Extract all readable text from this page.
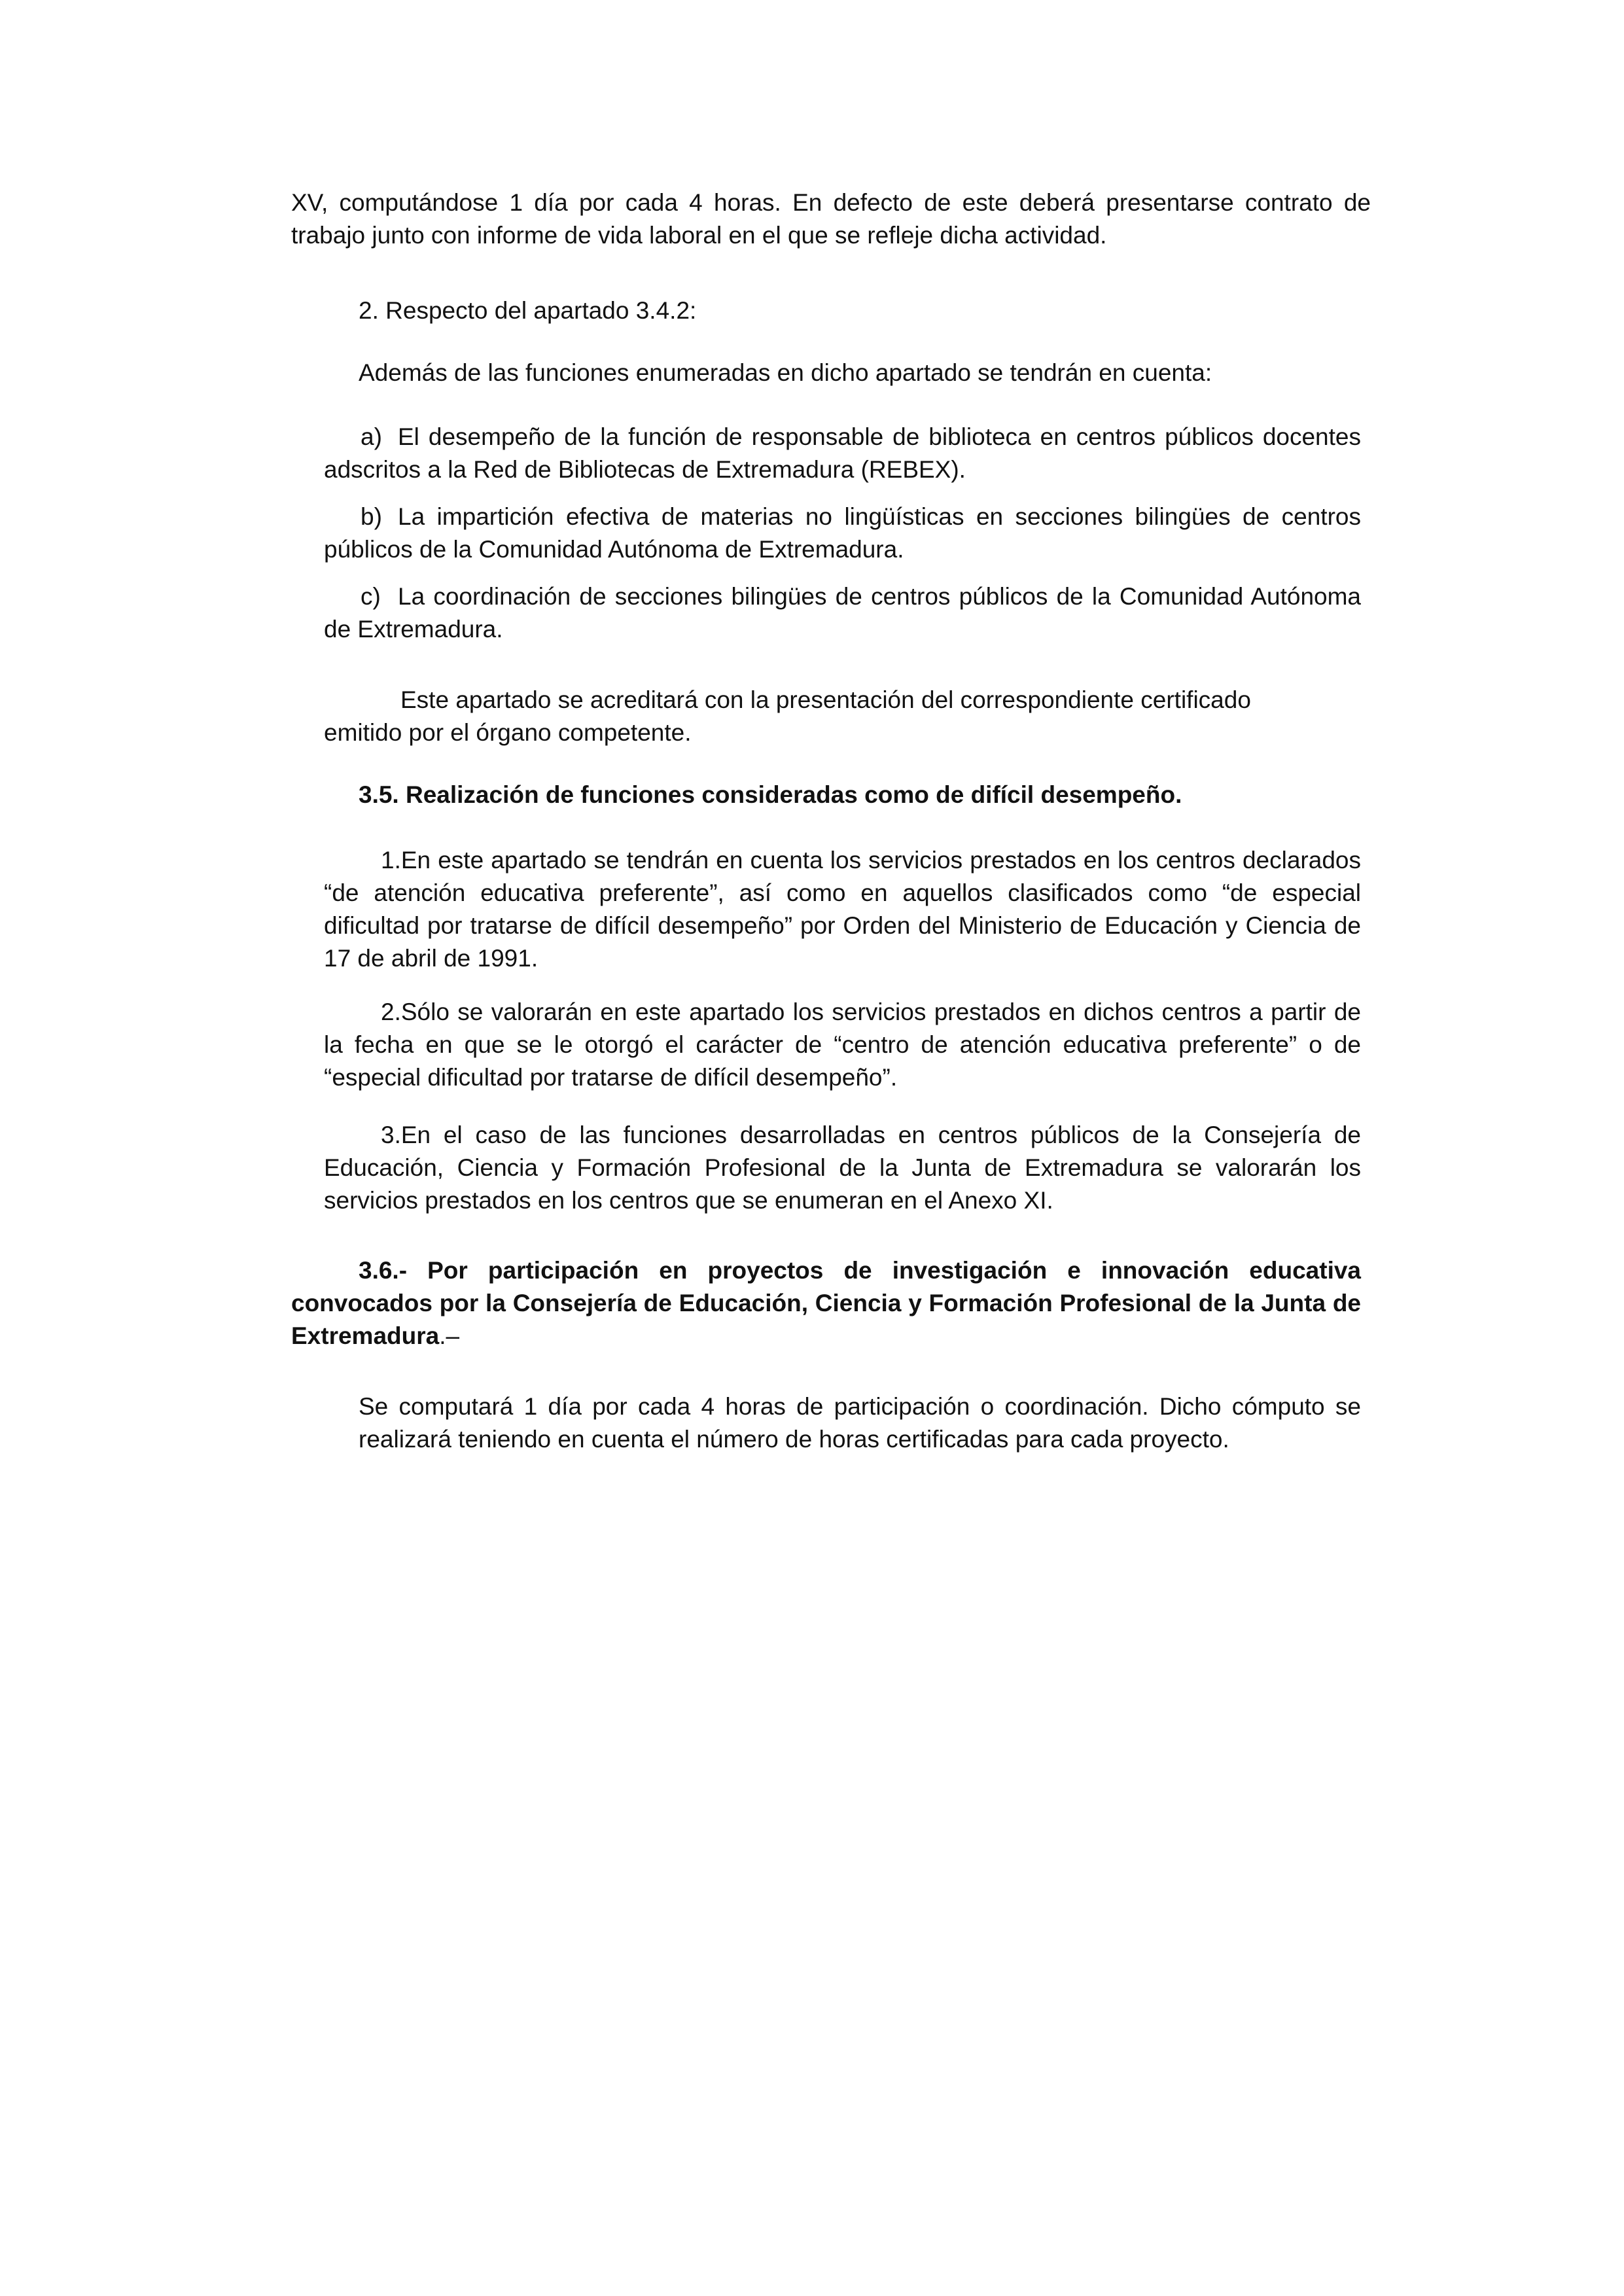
XV, computándose 1 día por cada 4 horas. En defecto de este deberá presentarse contrato de trabajo junto con informe de vida laboral en el que se refleje dicha actividad.

2. Respecto del apartado 3.4.2:

Además de las funciones enumeradas en dicho apartado se tendrán en cuenta:

a) El desempeño de la función de responsable de biblioteca en centros públicos docentes adscritos a la Red de Bibliotecas de Extremadura (REBEX).

b) La impartición efectiva de materias no lingüísticas en secciones bilingües de centros públicos de la Comunidad Autónoma de Extremadura.

c) La coordinación de secciones bilingües de centros públicos de la Comunidad Autónoma de Extremadura.

Este apartado se acreditará con la presentación del correspondiente certificado

emitido por el órgano competente.

3.5. Realización de funciones consideradas como de difícil desempeño.

1.En este apartado se tendrán en cuenta los servicios prestados en los centros declarados “de atención educativa preferente”, así como en aquellos clasificados como “de especial dificultad por tratarse de difícil desempeño” por Orden del Ministerio de Educación y Ciencia de 17 de abril de 1991.

2.Sólo se valorarán en este apartado los servicios prestados en dichos centros a partir de la fecha en que se le otorgó el carácter de “centro de atención educativa preferente” o de “especial dificultad por tratarse de difícil desempeño”.

3.En el caso de las funciones desarrolladas en centros públicos de la Consejería de Educación, Ciencia y Formación Profesional de la Junta de Extremadura se valorarán los servicios prestados en los centros que se enumeran en el Anexo XI.

3.6.- Por participación en proyectos de investigación e innovación educativa convocados por la Consejería de Educación, Ciencia y Formación Profesional de la Junta de Extremadura.–

Se computará 1 día por cada 4 horas de participación o coordinación. Dicho cómputo se realizará teniendo en cuenta el número de horas certificadas para cada proyecto.
